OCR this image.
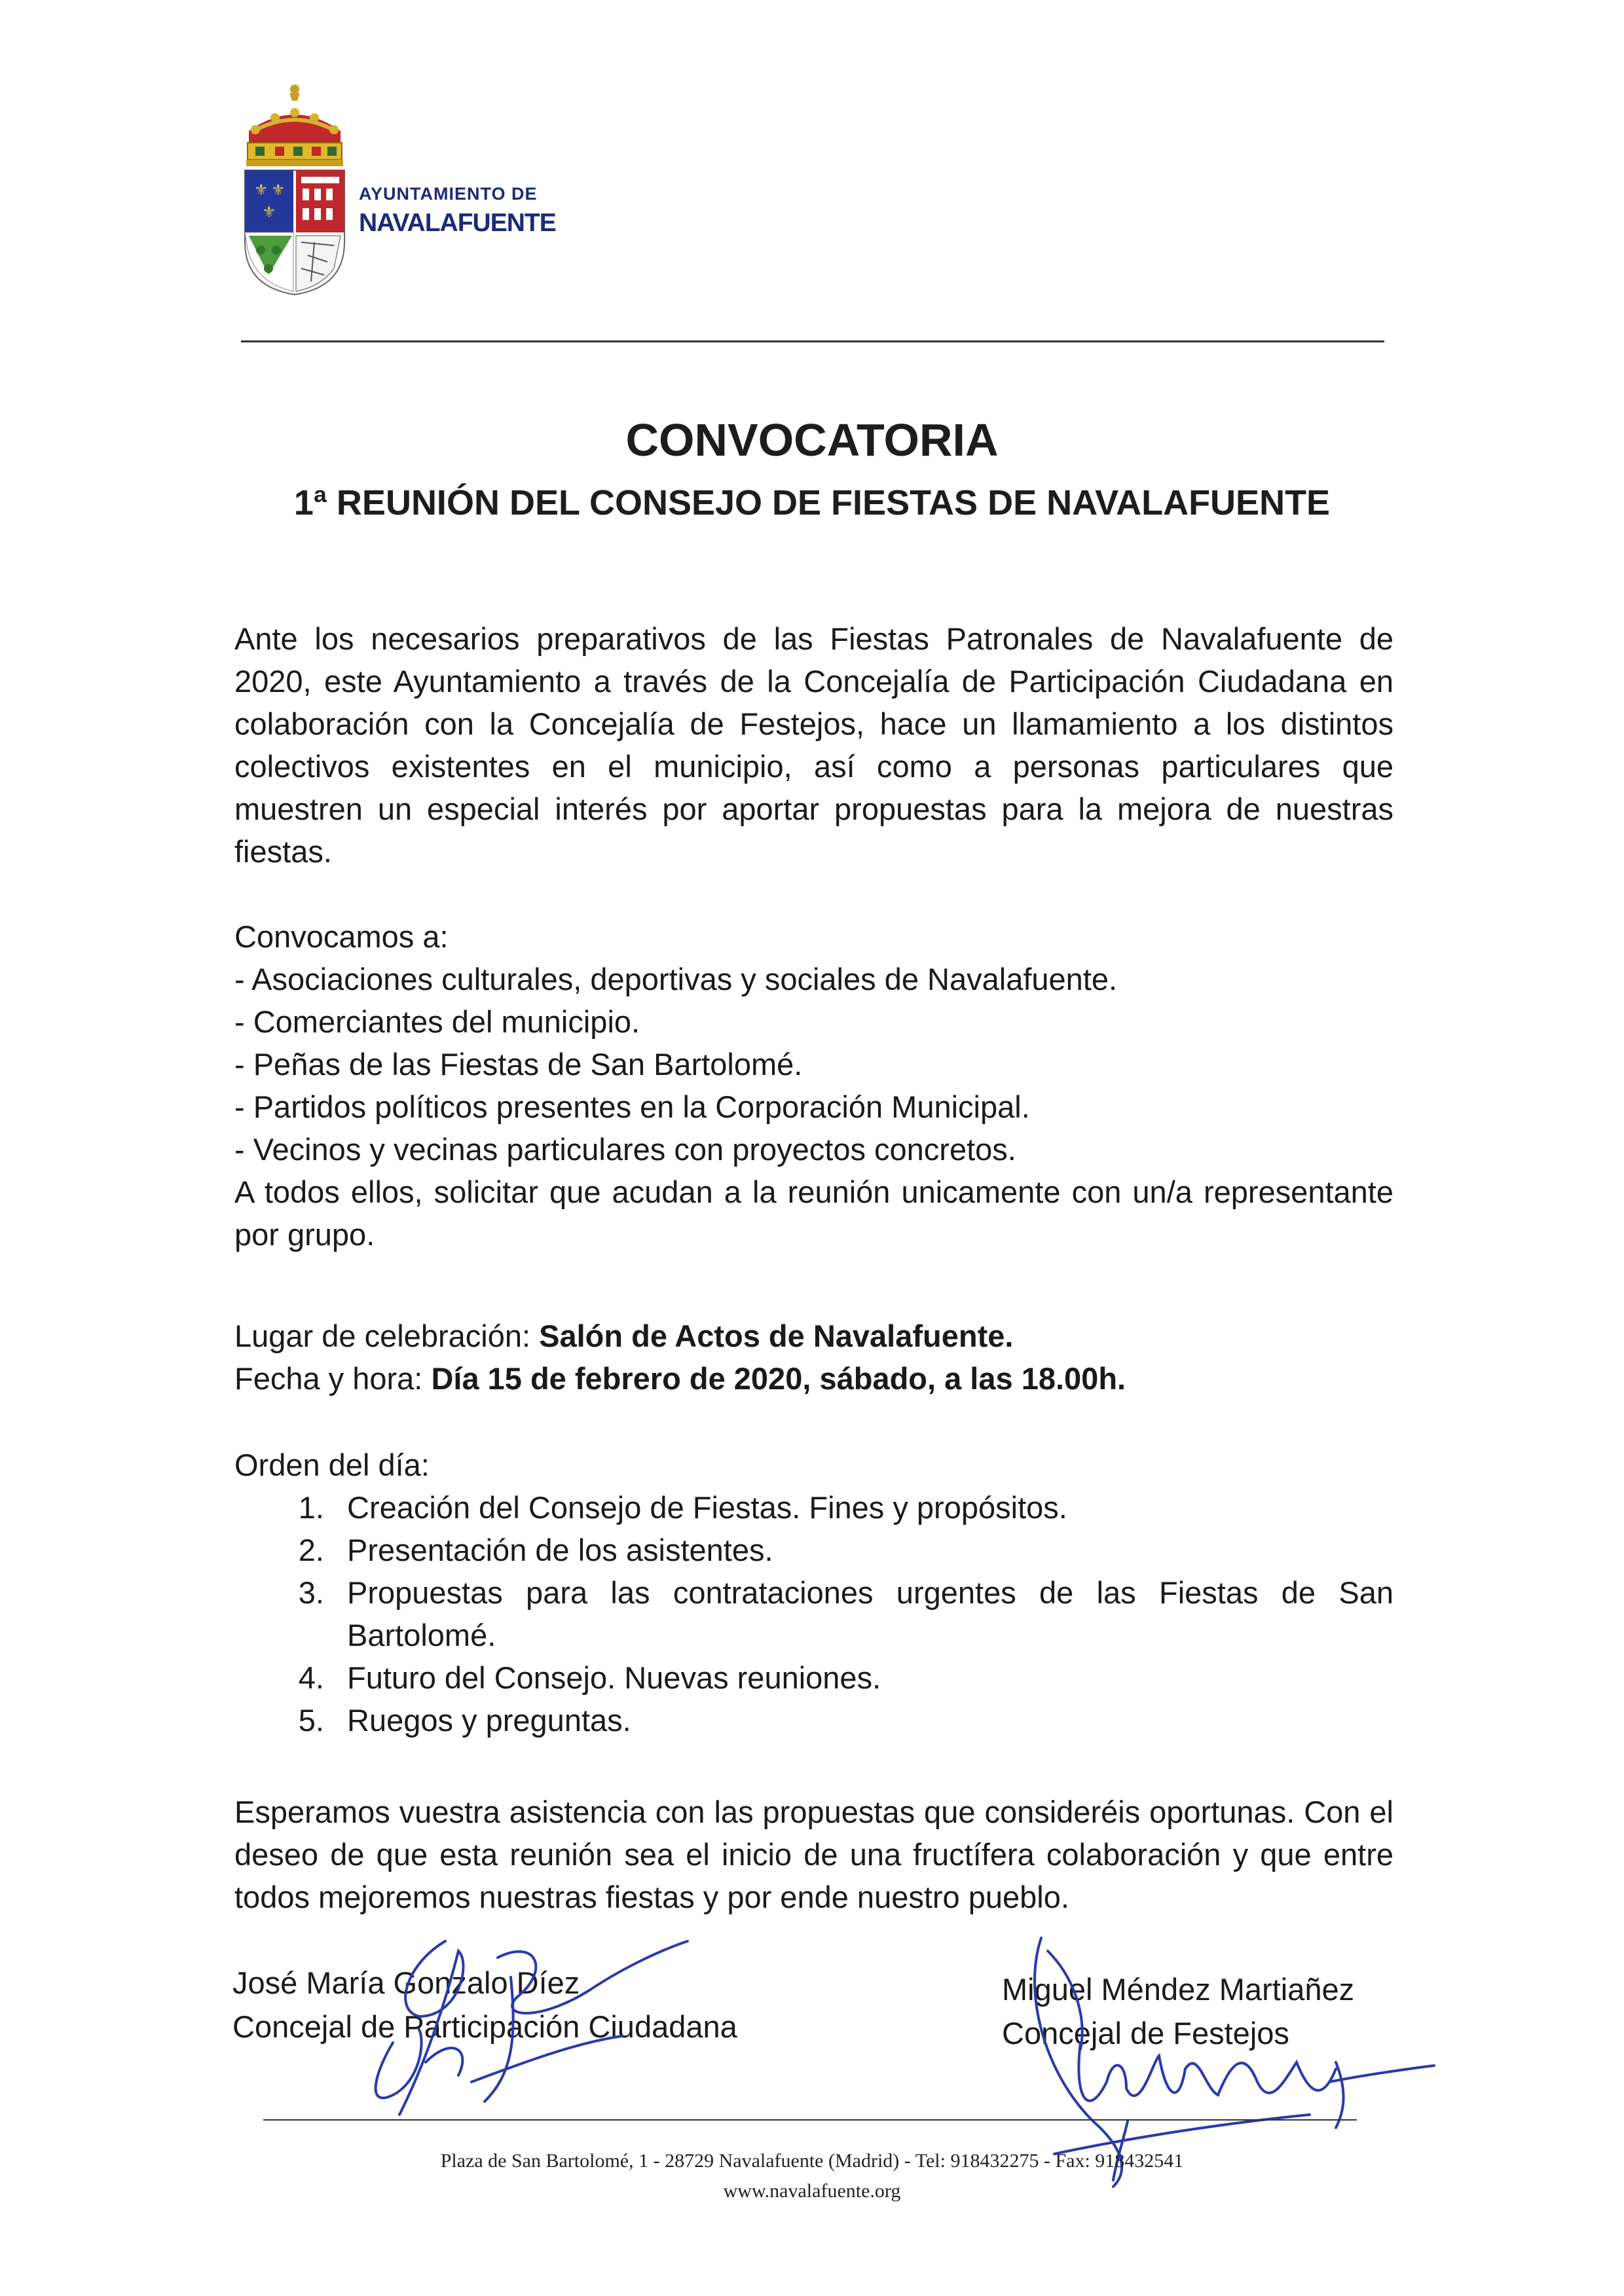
⚜ ⚜
⚜
AYUNTAMIENTO DE
NAVALAFUENTE
CONVOCATORIA
1ª REUNIÓN DEL CONSEJO DE FIESTAS DE NAVALAFUENTE
Ante los necesarios preparativos de las Fiestas Patronales de Navalafuente de 2020, este Ayuntamiento a través de la Concejalía de Participación Ciudadana en colaboración con la Concejalía de Festejos, hace un llamamiento a los distintos colectivos existentes en el municipio, así como a personas particulares que muestren un especial interés por aportar propuestas para la mejora de nuestras fiestas.
Convocamos a:
- Asociaciones culturales, deportivas y sociales de Navalafuente.
- Comerciantes del municipio.
- Peñas de las Fiestas de San Bartolomé.
- Partidos políticos presentes en la Corporación Municipal.
- Vecinos y vecinas particulares con proyectos concretos.
A todos ellos, solicitar que acudan a la reunión unicamente con un/a representante por grupo.
Lugar de celebración: Salón de Actos de Navalafuente.
Fecha y hora: Día 15 de febrero de 2020, sábado, a las 18.00h.
Orden del día:
1. Creación del Consejo de Fiestas. Fines y propósitos.
2. Presentación de los asistentes.
3. Propuestas para las contrataciones urgentes de las Fiestas de San Bartolomé.
4. Futuro del Consejo. Nuevas reuniones.
5. Ruegos y preguntas.
Esperamos vuestra asistencia con las propuestas que consideréis oportunas. Con el deseo de que esta reunión sea el inicio de una fructífera colaboración y que entre todos mejoremos nuestras fiestas y por ende nuestro pueblo.
José María Gonzalo Díez
Concejal de Participación Ciudadana
Miguel Méndez Martiañez
Concejal de Festejos
Plaza de San Bartolomé, 1 - 28729 Navalafuente (Madrid) - Tel: 918432275 - Fax: 918432541
www.navalafuente.org
